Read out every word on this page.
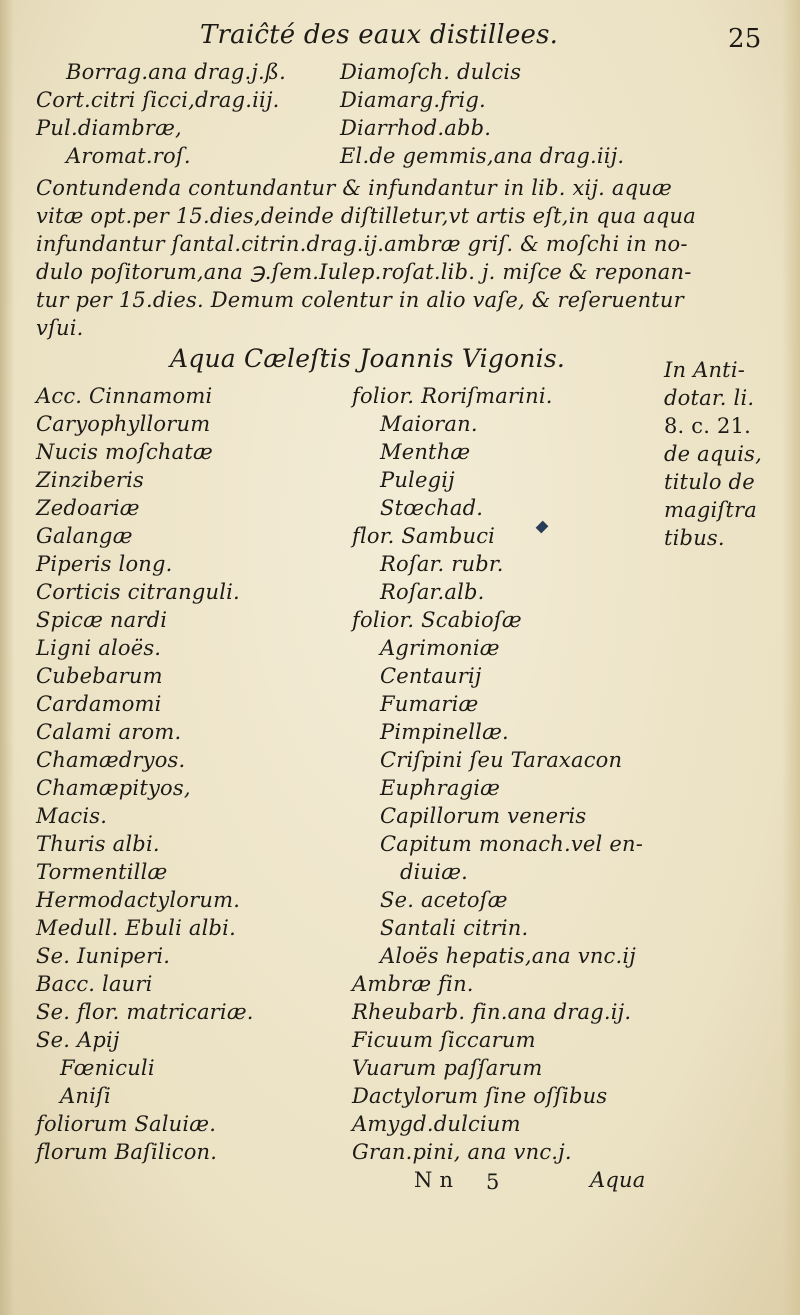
Traiĉté des eaux distillees.	25
Borrag.ana drag.j.ß.
Cort.citri ſicci,drag.iij.
Pul.diambræ,
Aromat.roſ.
Diamoſch. dulcis
Diamarg.frig.
Diarrhod.abb.
El.de gemmis,ana drag.iij.
Contundenda contundantur & infundantur in lib. xij. aquæ
vitæ opt.per 15.dies,deinde diſtilletur,vt artis eſt,in qua aqua
infundantur ſantal.citrin.drag.ij.ambræ griſ. & moſchi in no-
dulo poſitorum,ana ℈.ſem.Iulep.roſat.lib. j. miſce & reponan-
tur per 15.dies. Demum colentur in alio vaſe, & reſeruentur
vſui.
Aqua Cæleſtis Joannis Vigonis.
Acc. Cinnamomi
Caryophyllorum
Nucis moſchatæ
Zinziberis
Zedoariæ
Galangæ
Piperis long.
Corticis citranguli.
Spicæ nardi
Ligni aloës.
Cubebarum
Cardamomi
Calami arom.
Chamædryos.
Chamæpityos,
Macis.
Thuris albi.
Tormentillæ
Hermodactylorum.
Medull. Ebuli albi.
Se. Iuniperi.
Bacc. lauri
Se. flor. matricariæ.
Se. Apij
Fœniculi
Aniſi
foliorum Saluiæ.
florum Baſilicon.
folior. Roriſmarini.
Maioran.
Menthæ
Pulegij
Stœchad.
flor. Sambuci
Roſar. rubr.
Roſar.alb.
folior. Scabioſæ
Agrimoniæ
Centaurij
Fumariæ
Pimpinellæ.
Criſpini ſeu Taraxacon
Euphragiæ
Capillorum veneris
Capitum monach.vel en-
diuiæ.
Se. acetoſæ
Santali citrin.
Aloës hepatis,ana vnc.ij
Ambræ fin.
Rheubarb. fin.ana drag.ij.
Ficuum ſiccarum
Vuarum paſſarum
Dactylorum ſine oſſibus
Amygd.dulcium
Gran.pini, ana vnc.j.
In Anti-
dotar. li.
8. c. 21.
de aquis,
titulo de
magiſtra
tibus.
N n 5	Aqua
